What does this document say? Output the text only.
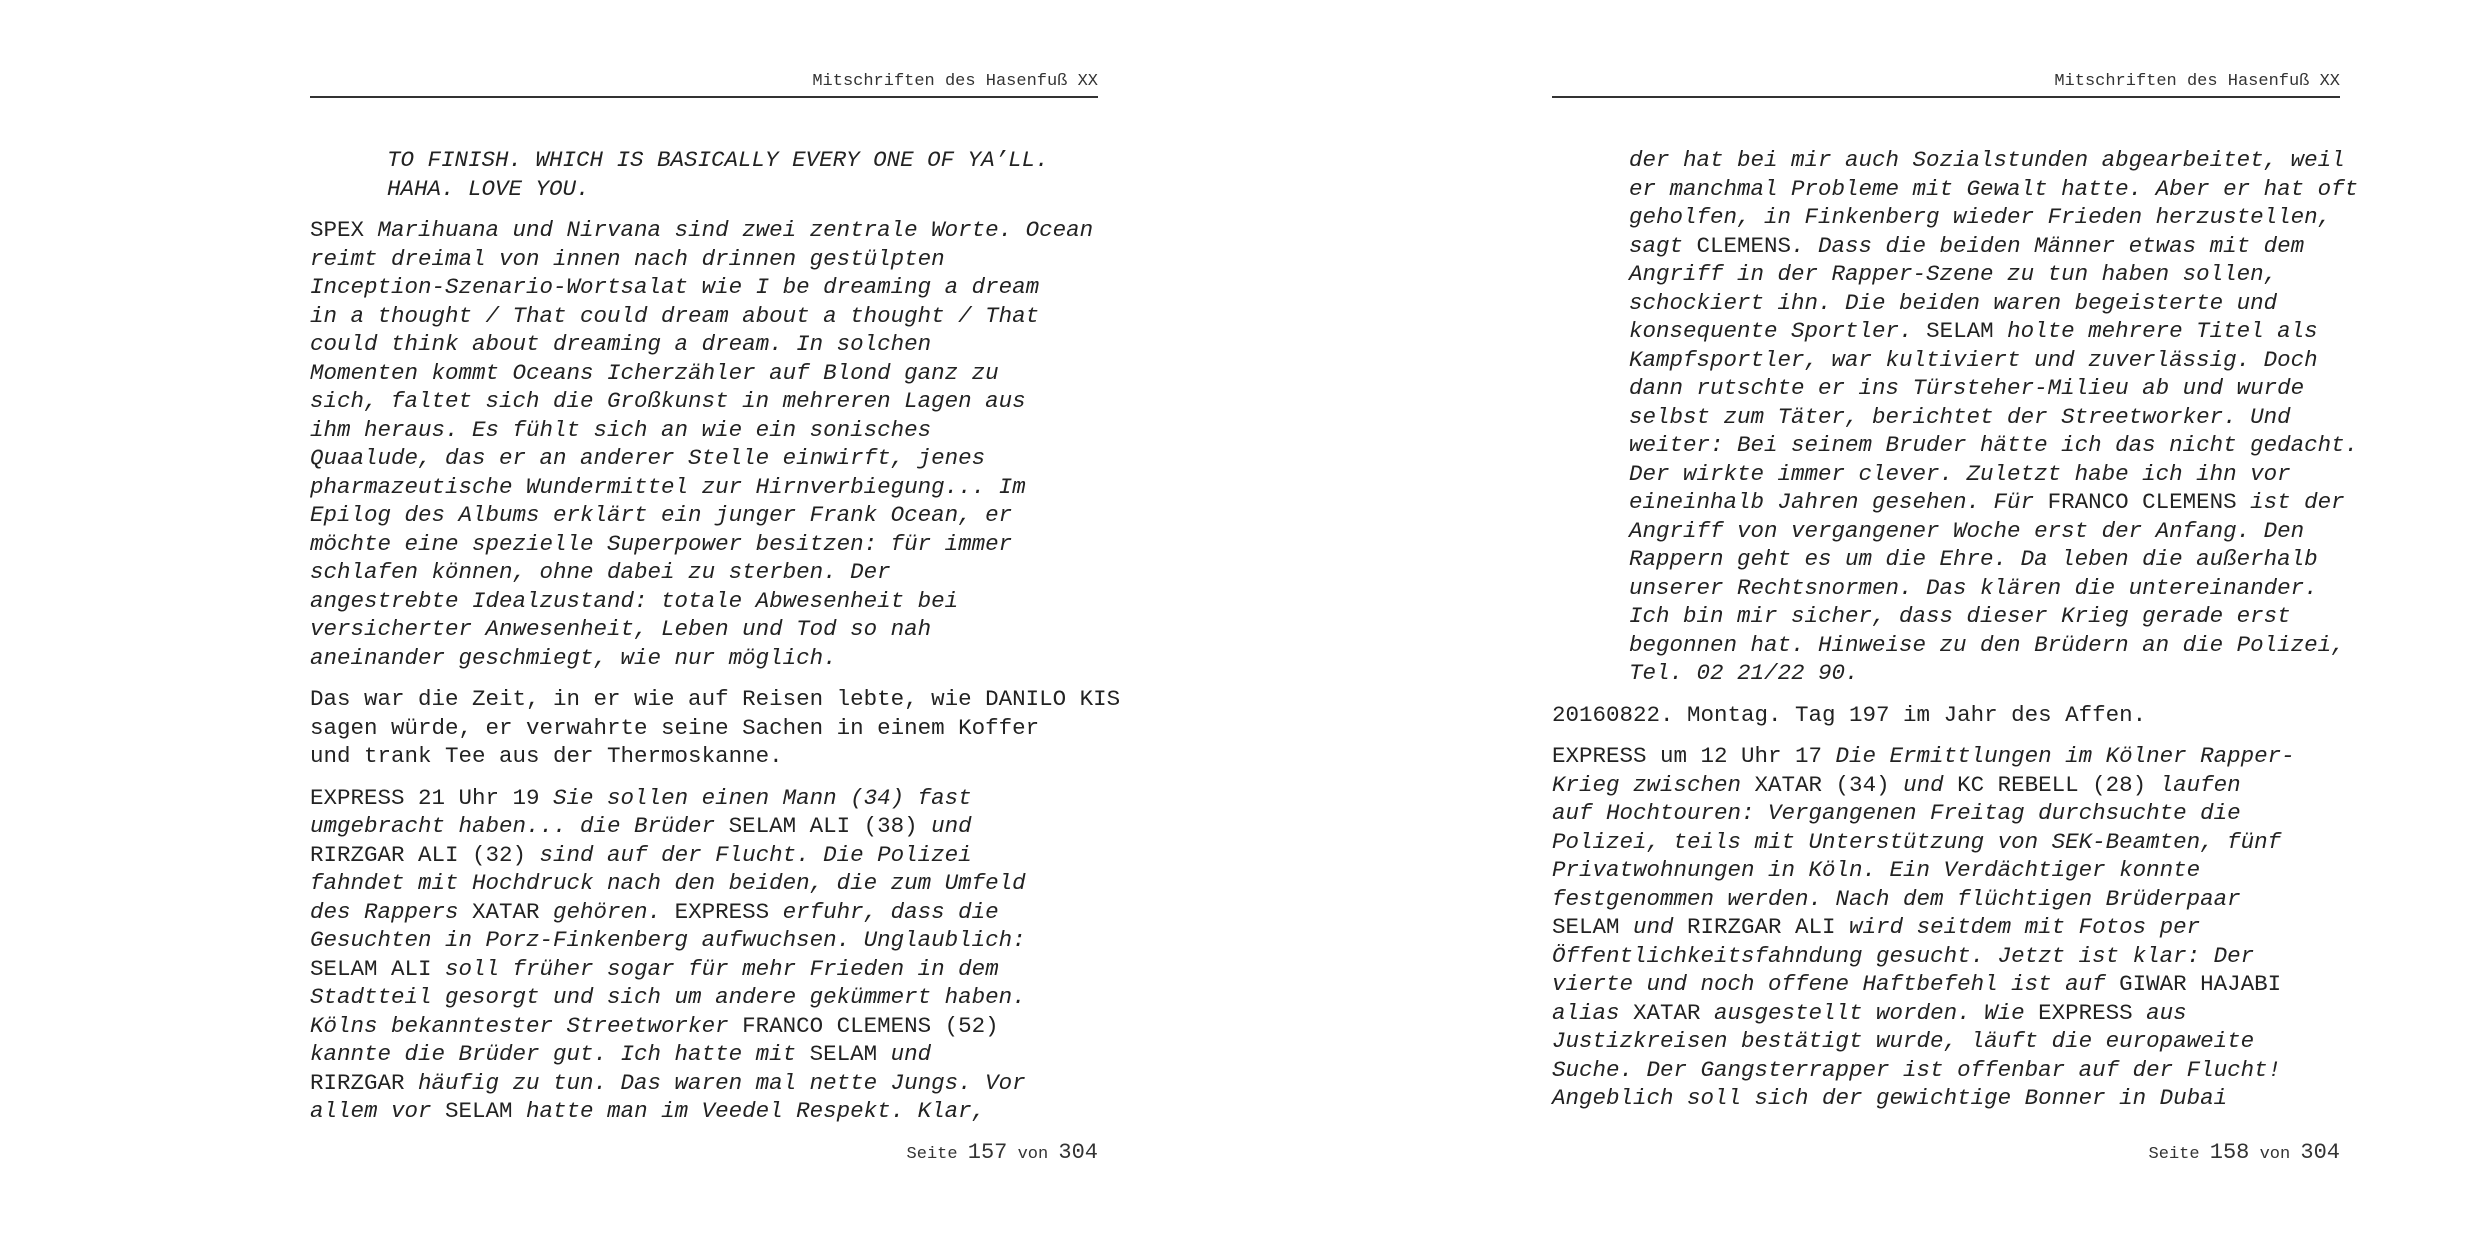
Mitschriften des Hasenfuß XX
TO FINISH. WHICH IS BASICALLY EVERY ONE OF YA’LL.
HAHA. LOVE YOU.
SPEX Marihuana und Nirvana sind zwei zentrale Worte. Ocean
reimt dreimal von innen nach drinnen gestülpten
Inception-Szenario-Wortsalat wie I be dreaming a dream
in a thought / That could dream about a thought / That
could think about dreaming a dream. In solchen
Momenten kommt Oceans Icherzähler auf Blond ganz zu
sich, faltet sich die Großkunst in mehreren Lagen aus
ihm heraus. Es fühlt sich an wie ein sonisches
Quaalude, das er an anderer Stelle einwirft, jenes
pharmazeutische Wundermittel zur Hirnverbiegung... Im
Epilog des Albums erklärt ein junger Frank Ocean, er
möchte eine spezielle Superpower besitzen: für immer
schlafen können, ohne dabei zu sterben. Der
angestrebte Idealzustand: totale Abwesenheit bei
versicherter Anwesenheit, Leben und Tod so nah
aneinander geschmiegt, wie nur möglich.
Das war die Zeit, in er wie auf Reisen lebte, wie DANILO KIS
sagen würde, er verwahrte seine Sachen in einem Koffer
und trank Tee aus der Thermoskanne.
EXPRESS 21 Uhr 19 Sie sollen einen Mann (34) fast
umgebracht haben... die Brüder SELAM ALI (38) und
RIRZGAR ALI (32) sind auf der Flucht. Die Polizei
fahndet mit Hochdruck nach den beiden, die zum Umfeld
des Rappers XATAR gehören. EXPRESS erfuhr, dass die
Gesuchten in Porz-Finkenberg aufwuchsen. Unglaublich:
SELAM ALI soll früher sogar für mehr Frieden in dem
Stadtteil gesorgt und sich um andere gekümmert haben.
Kölns bekanntester Streetworker FRANCO CLEMENS (52)
kannte die Brüder gut. Ich hatte mit SELAM und
RIRZGAR häufig zu tun. Das waren mal nette Jungs. Vor
allem vor SELAM hatte man im Veedel Respekt. Klar,
Seite 157 von 304
Mitschriften des Hasenfuß XX
der hat bei mir auch Sozialstunden abgearbeitet, weil
er manchmal Probleme mit Gewalt hatte. Aber er hat oft
geholfen, in Finkenberg wieder Frieden herzustellen,
sagt CLEMENS. Dass die beiden Männer etwas mit dem
Angriff in der Rapper-Szene zu tun haben sollen,
schockiert ihn. Die beiden waren begeisterte und
konsequente Sportler. SELAM holte mehrere Titel als
Kampfsportler, war kultiviert und zuverlässig. Doch
dann rutschte er ins Türsteher-Milieu ab und wurde
selbst zum Täter, berichtet der Streetworker. Und
weiter: Bei seinem Bruder hätte ich das nicht gedacht.
Der wirkte immer clever. Zuletzt habe ich ihn vor
eineinhalb Jahren gesehen. Für FRANCO CLEMENS ist der
Angriff von vergangener Woche erst der Anfang. Den
Rappern geht es um die Ehre. Da leben die außerhalb
unserer Rechtsnormen. Das klären die untereinander.
Ich bin mir sicher, dass dieser Krieg gerade erst
begonnen hat. Hinweise zu den Brüdern an die Polizei,
Tel. 02 21/22 90.
20160822. Montag. Tag 197 im Jahr des Affen.
EXPRESS um 12 Uhr 17 Die Ermittlungen im Kölner Rapper-
Krieg zwischen XATAR (34) und KC REBELL (28) laufen
auf Hochtouren: Vergangenen Freitag durchsuchte die
Polizei, teils mit Unterstützung von SEK-Beamten, fünf
Privatwohnungen in Köln. Ein Verdächtiger konnte
festgenommen werden. Nach dem flüchtigen Brüderpaar
SELAM und RIRZGAR ALI wird seitdem mit Fotos per
Öffentlichkeitsfahndung gesucht. Jetzt ist klar: Der
vierte und noch offene Haftbefehl ist auf GIWAR HAJABI
alias XATAR ausgestellt worden. Wie EXPRESS aus
Justizkreisen bestätigt wurde, läuft die europaweite
Suche. Der Gangsterrapper ist offenbar auf der Flucht!
Angeblich soll sich der gewichtige Bonner in Dubai
Seite 158 von 304
